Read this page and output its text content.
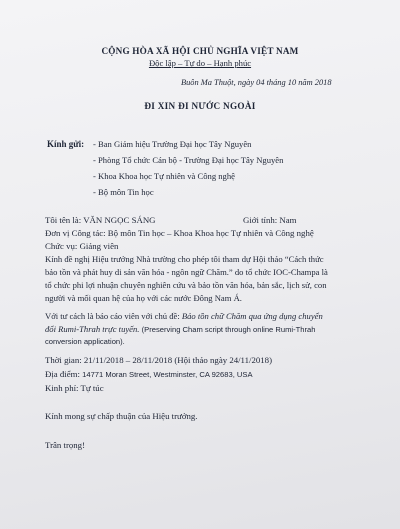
CỘNG HÒA XÃ HỘI CHỦ NGHĨA VIỆT NAM
Độc lập – Tự do – Hạnh phúc
Buôn Ma Thuột, ngày 04 tháng 10 năm 2018
ĐI XIN ĐI NƯỚC NGOÀI
Kính gửi: - Ban Giám hiệu Trường Đại học Tây Nguyên
- Phòng Tổ chức Cán bộ - Trường Đại học Tây Nguyên
- Khoa Khoa học Tự nhiên và Công nghệ
- Bộ môn Tin học
Tôi tên là: VĂN NGỌC SÁNG	Giới tính: Nam
Đơn vị Công tác: Bộ môn Tin học – Khoa Khoa học Tự nhiên và Công nghệ
Chức vụ: Giảng viên
Kính đề nghị Hiệu trưởng Nhà trường cho phép tôi tham dự Hội thảo “Cách thức
bảo tồn và phát huy di sản văn hóa - ngôn ngữ Chăm.” do tổ chức IOC-Champa là
tổ chức phi lợi nhuận chuyên nghiên cứu và bảo tồn văn hóa, bản sắc, lịch sử, con
người và mối quan hệ của họ với các nước Đông Nam Á.
Với tư cách là báo cáo viên với chủ đề: Bảo tồn chữ Chăm qua ứng dụng chuyển
đổi Rumi-Thrah trực tuyến. (Preserving Cham script through online Rumi-Thrah
conversion application).
Thời gian: 21/11/2018 – 28/11/2018 (Hội thảo ngày 24/11/2018)
Địa điểm: 14771 Moran Street, Westminster, CA 92683, USA
Kinh phí: Tự túc
Kính mong sự chấp thuận của Hiệu trưởng.
Trân trọng!
